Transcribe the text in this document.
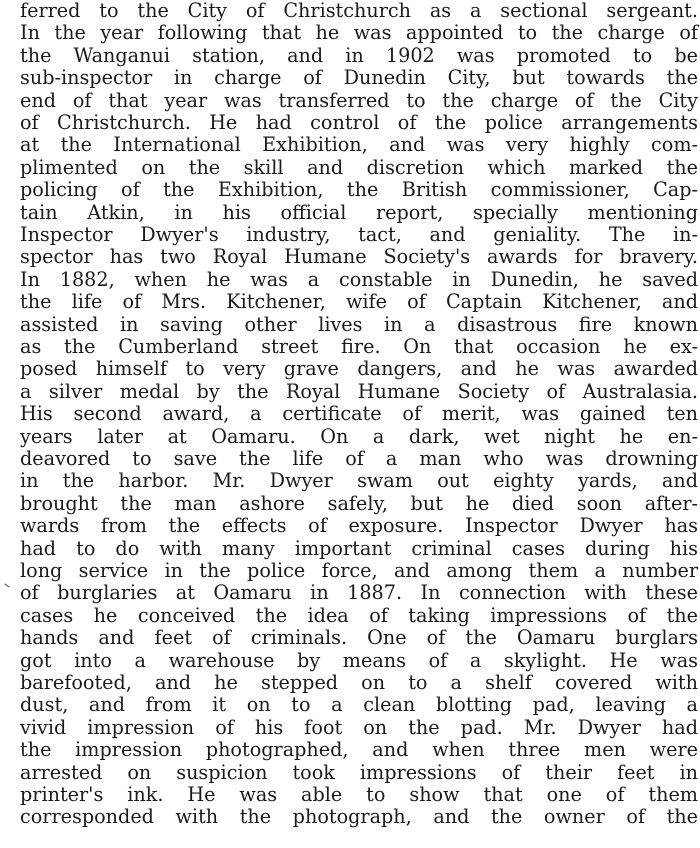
ferred to the City of Christchurch as a sectional sergeant.
In the year following that he was appointed to the charge of
the Wanganui station, and in 1902 was promoted to be
sub-inspector in charge of Dunedin City, but towards the
end of that year was transferred to the charge of the City
of Christchurch. He had control of the police arrangements
at the International Exhibition, and was very highly com-
plimented on the skill and discretion which marked the
policing of the Exhibition, the British commissioner, Cap-
tain Atkin, in his official report, specially mentioning
Inspector Dwyer's industry, tact, and geniality. The in-
spector has two Royal Humane Society's awards for bravery.
In 1882, when he was a constable in Dunedin, he saved
the life of Mrs. Kitchener, wife of Captain Kitchener, and
assisted in saving other lives in a disastrous fire known
as the Cumberland street fire. On that occasion he ex-
posed himself to very grave dangers, and he was awarded
a silver medal by the Royal Humane Society of Australasia.
His second award, a certificate of merit, was gained ten
years later at Oamaru. On a dark, wet night he en-
deavored to save the life of a man who was drowning
in the harbor. Mr. Dwyer swam out eighty yards, and
brought the man ashore safely, but he died soon after-
wards from the effects of exposure. Inspector Dwyer has
had to do with many important criminal cases during his
long service in the police force, and among them a number
of burglaries at Oamaru in 1887. In connection with these
cases he conceived the idea of taking impressions of the
hands and feet of criminals. One of the Oamaru burglars
got into a warehouse by means of a skylight. He was
barefooted, and he stepped on to a shelf covered with
dust, and from it on to a clean blotting pad, leaving a
vivid impression of his foot on the pad. Mr. Dwyer had
the impression photographed, and when three men were
arrested on suspicion took impressions of their feet in
printer's ink. He was able to show that one of them
corresponded with the photograph, and the owner of the
